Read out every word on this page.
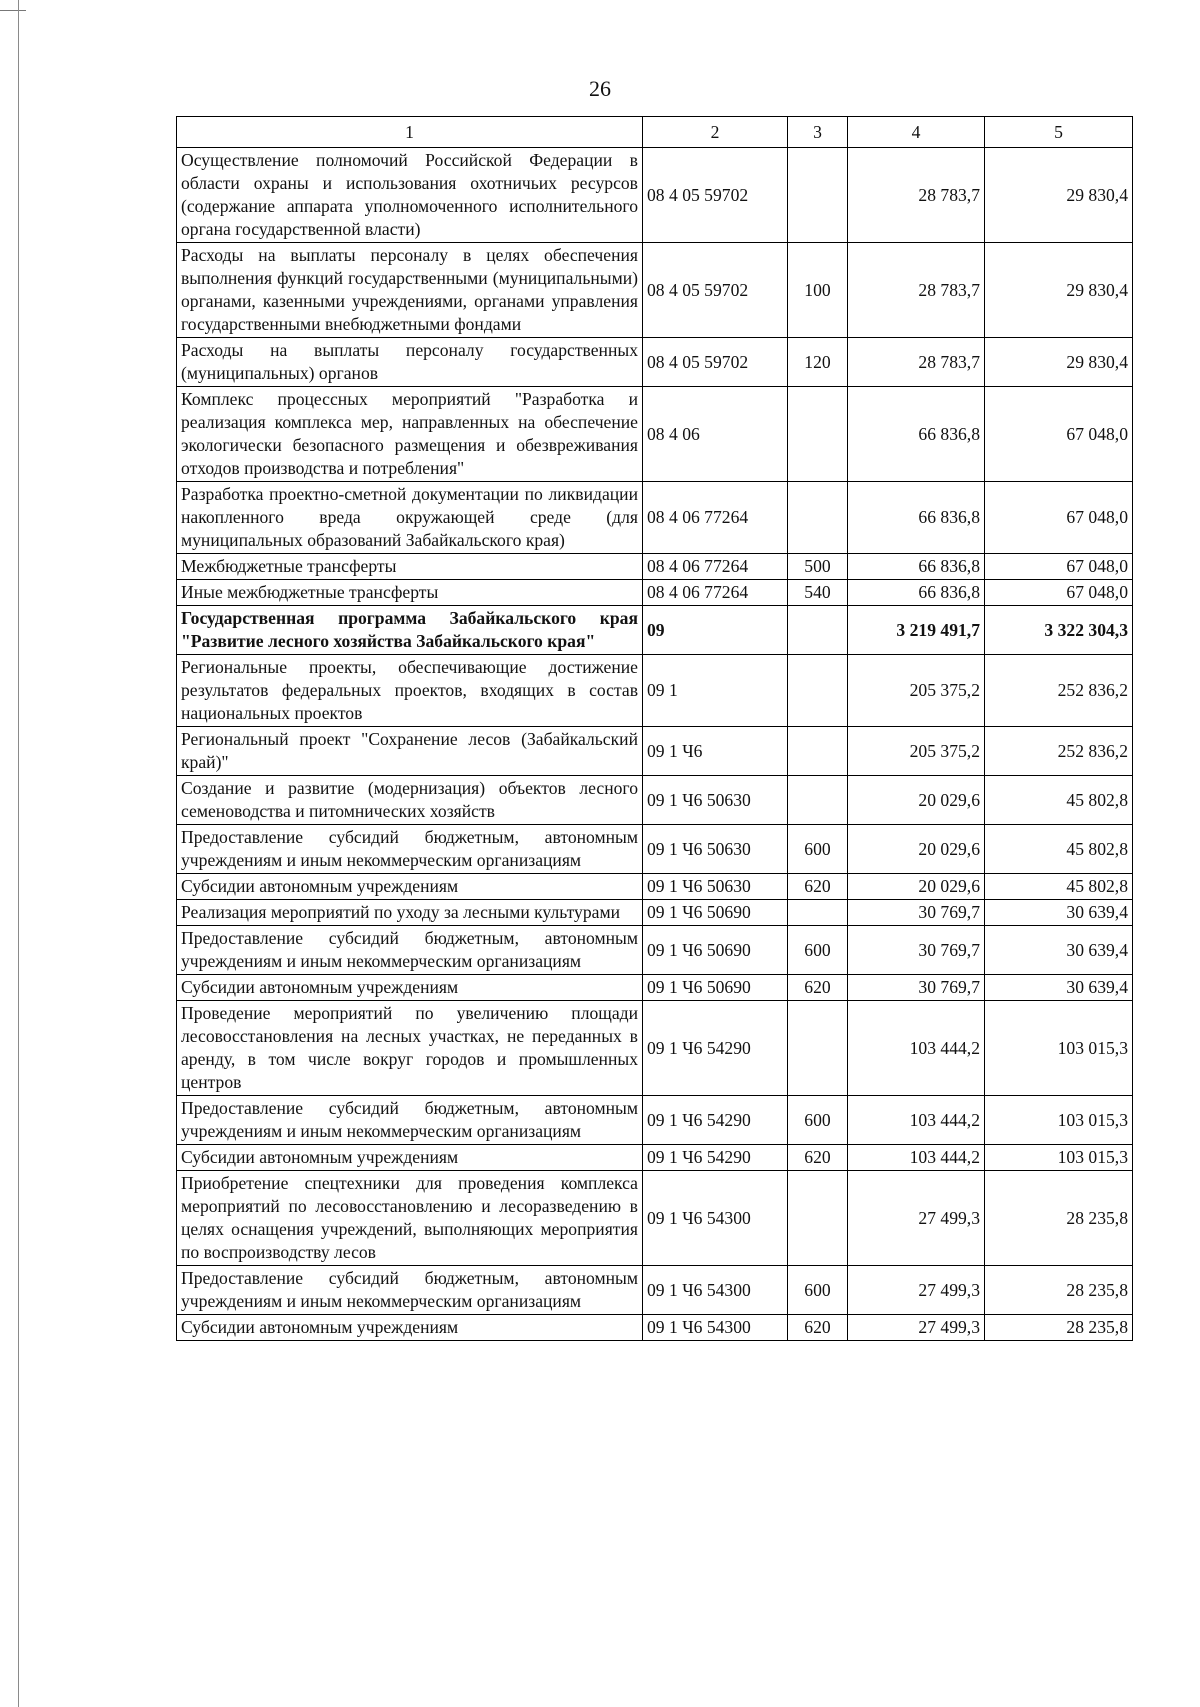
26
1	2	3	4	5
Осуществление полномочий Российской Федерации в области охраны и использования охотничьих ресурсов (содержание аппарата уполномоченного исполнительного органа государственной власти)	08 4 05 59702		28 783,7	29 830,4
Расходы на выплаты персоналу в целях обеспечения выполнения функций государственными (муниципальными) органами, казенными учреждениями, органами управления государственными внебюджетными фондами	08 4 05 59702	100	28 783,7	29 830,4
Расходы на выплаты персоналу государственных (муниципальных) органов	08 4 05 59702	120	28 783,7	29 830,4
Комплекс процессных мероприятий "Разработка и реализация комплекса мер, направленных на обеспечение экологически безопасного размещения и обезвреживания отходов производства и потребления"	08 4 06		66 836,8	67 048,0
Разработка проектно-сметной документации по ликвидации накопленного вреда окружающей среде (для муниципальных образований Забайкальского края)	08 4 06 77264		66 836,8	67 048,0
Межбюджетные трансферты	08 4 06 77264	500	66 836,8	67 048,0
Иные межбюджетные трансферты	08 4 06 77264	540	66 836,8	67 048,0
Государственная программа Забайкальского края "Развитие лесного хозяйства Забайкальского края"	09		3 219 491,7	3 322 304,3
Региональные проекты, обеспечивающие достижение результатов федеральных проектов, входящих в состав национальных проектов	09 1		205 375,2	252 836,2
Региональный проект "Сохранение лесов (Забайкальский край)"	09 1 Ч6		205 375,2	252 836,2
Создание и развитие (модернизация) объектов лесного семеноводства и питомнических хозяйств	09 1 Ч6 50630		20 029,6	45 802,8
Предоставление субсидий бюджетным, автономным учреждениям и иным некоммерческим организациям	09 1 Ч6 50630	600	20 029,6	45 802,8
Субсидии автономным учреждениям	09 1 Ч6 50630	620	20 029,6	45 802,8
Реализация мероприятий по уходу за лесными культурами	09 1 Ч6 50690		30 769,7	30 639,4
Предоставление субсидий бюджетным, автономным учреждениям и иным некоммерческим организациям	09 1 Ч6 50690	600	30 769,7	30 639,4
Субсидии автономным учреждениям	09 1 Ч6 50690	620	30 769,7	30 639,4
Проведение мероприятий по увеличению площади лесовосстановления на лесных участках, не переданных в аренду, в том числе вокруг городов и промышленных центров	09 1 Ч6 54290		103 444,2	103 015,3
Предоставление субсидий бюджетным, автономным учреждениям и иным некоммерческим организациям	09 1 Ч6 54290	600	103 444,2	103 015,3
Субсидии автономным учреждениям	09 1 Ч6 54290	620	103 444,2	103 015,3
Приобретение спецтехники для проведения комплекса мероприятий по лесовосстановлению и лесоразведению в целях оснащения учреждений, выполняющих мероприятия по воспроизводству лесов	09 1 Ч6 54300		27 499,3	28 235,8
Предоставление субсидий бюджетным, автономным учреждениям и иным некоммерческим организациям	09 1 Ч6 54300	600	27 499,3	28 235,8
Субсидии автономным учреждениям	09 1 Ч6 54300	620	27 499,3	28 235,8
